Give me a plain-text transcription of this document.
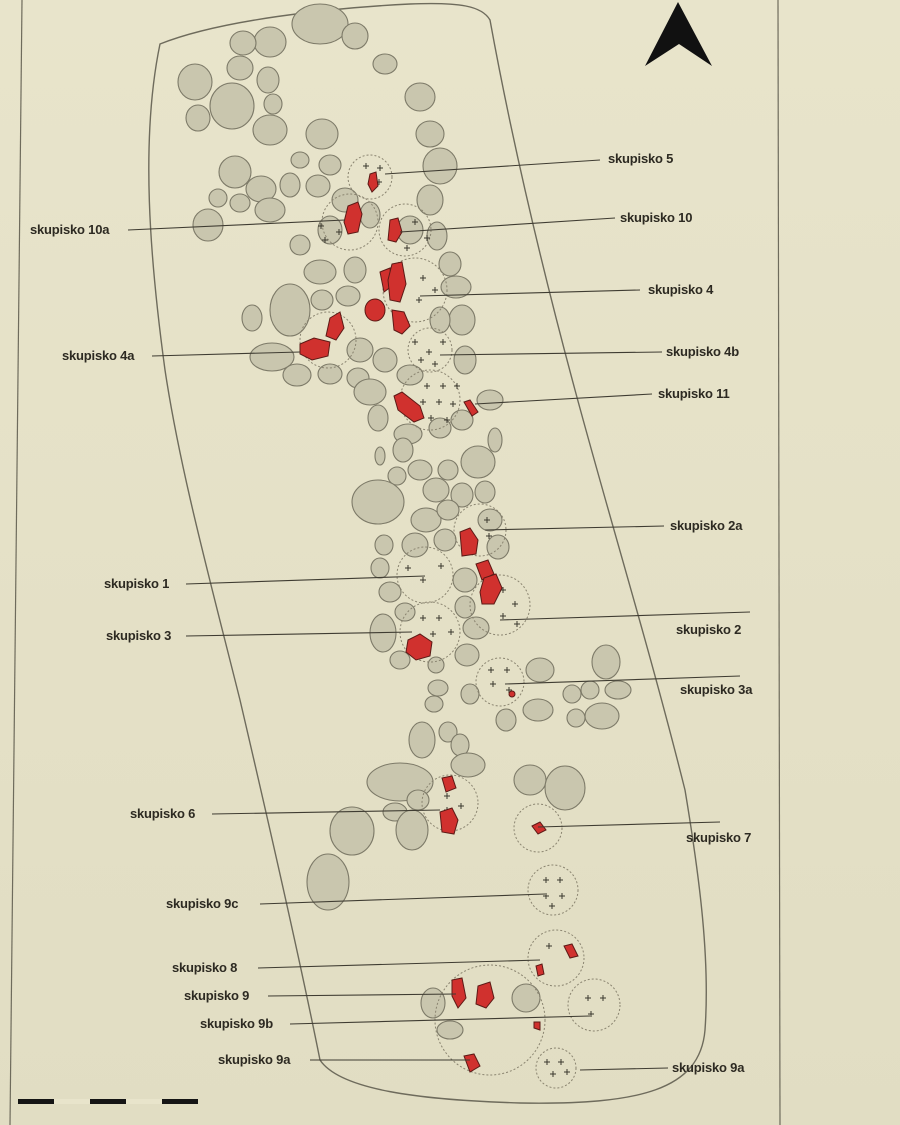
skupisko 5
skupisko 10
skupisko 10a
skupisko 4
skupisko 4a	skupisko 4b
skupisko 11
skupisko 2a
skupisko 1
skupisko 2
skupisko 3
skupisko 3a
skupisko 6
skupisko 7
skupisko 9c
skupisko 8
skupisko 9
skupisko 9b
skupisko 9a
skupisko 9a
